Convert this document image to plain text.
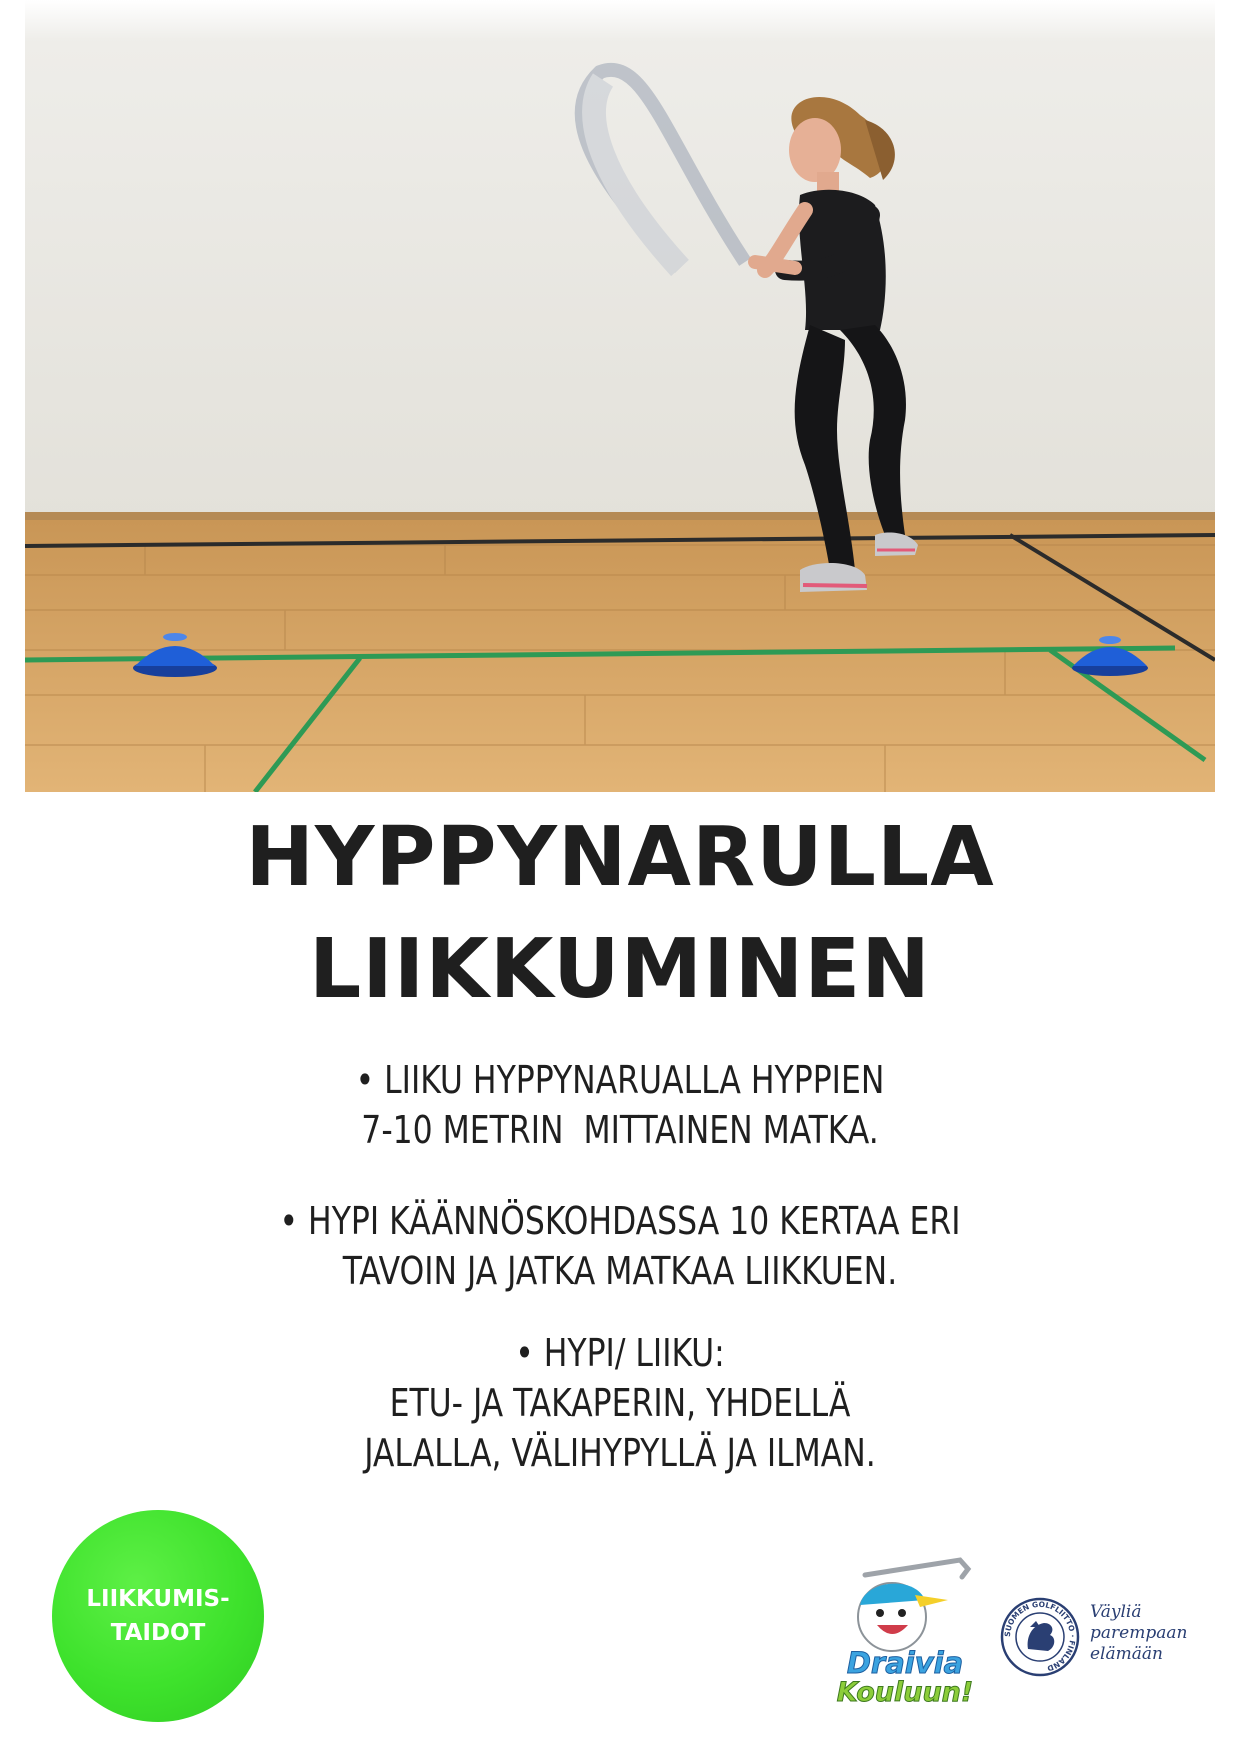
HYPPYNARULLA
LIIKKUMINEN
• LIIKU HYPPYNARUALLA HYPPIEN
7-10 METRIN  MITTAINEN MATKA.
• HYPI KÄÄNNÖSKOHDASSA 10 KERTAA ERI
TAVOIN JA JATKA MATKAA LIIKKUEN.
• HYPI/ LIIKU:
ETU- JA TAKAPERIN, YHDELLÄ
JALALLA, VÄLIHYPYLLÄ JA ILMAN.
LIIKKUMIS-
TAIDOT
Draivia
Kouluun!
SUOMEN GOLFLIITTO · FINLAND
Väyliä
parempaan
elämään
